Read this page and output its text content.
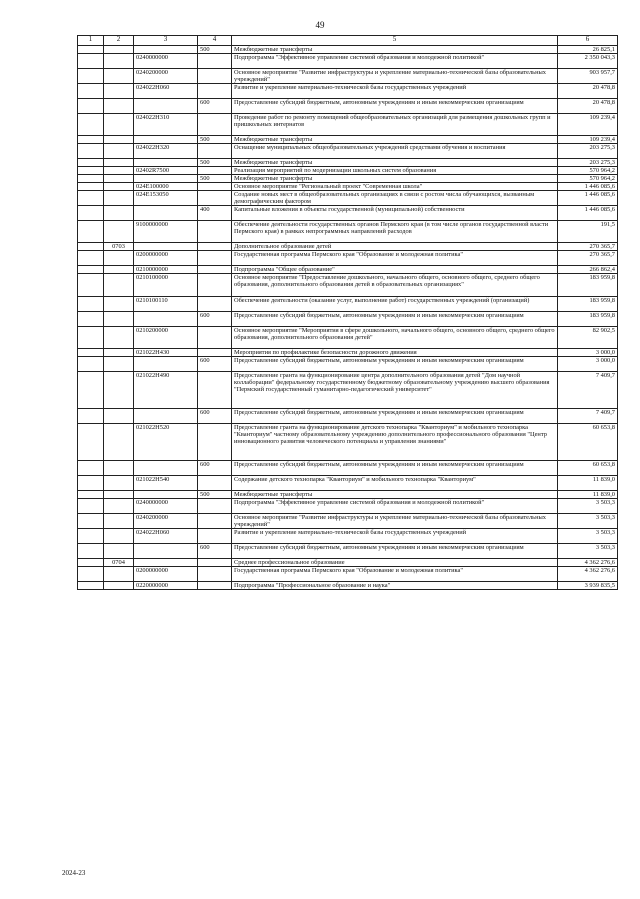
49
1	2	3	4	5	6
			500	Межбюджетные трансферты	26 825,1
		0240000000		Подпрограмма "Эффективное управление системой образования и молодежной политикой"	2 350 043,3
		0240200000		Основное мероприятие "Развитие инфраструктуры и укрепление материально-технической базы образовательных учреждений"	903 957,7
		024022Н060		Развитие и укрепление материально-технической базы государственных учреждений	20 478,8
			600	Предоставление субсидий бюджетным, автономным учреждениям и иным некоммерческим организациям	20 478,8
		024022Н310		Проведение работ по ремонту помещений общеобразовательных организаций для размещения дошкольных групп и пришкольных интернатов	109 239,4
			500	Межбюджетные трансферты	109 239,4
		024022Н320		Оснащение муниципальных общеобразовательных учреждений средствами обучения и воспитания	203 275,3
			500	Межбюджетные трансферты	203 275,3
		02402R7500		Реализация мероприятий по модернизации школьных систем образования	570 964,2
			500	Межбюджетные трансферты	570 964,2
		024Е100000		Основное мероприятие "Региональный проект "Современная школа"	1 446 085,6
		024Е153050		Создание новых мест в общеобразовательных организациях в связи с ростом числа обучающихся, вызванным демографическим фактором	1 446 085,6
			400	Капитальные вложения в объекты государственной (муниципальной) собственности	1 446 085,6
		9100000000		Обеспечение деятельности государственных органов Пермского края (в том числе органов государственной власти Пермского края) в рамках непрограммных направлений расходов	191,5
	0703			Дополнительное образование детей	270 365,7
		0200000000		Государственная программа Пермского края "Образование и молодежная политика"	270 365,7
		0210000000		Подпрограмма "Общее образование"	266 862,4
		0210100000		Основное мероприятие "Предоставление дошкольного, начального общего, основного общего, среднего общего образования, дополнительного образования детей в образовательных организациях"	183 959,8
		0210100110		Обеспечение деятельности (оказание услуг, выполнение работ) государственных учреждений (организаций)	183 959,8
			600	Предоставление субсидий бюджетным, автономным учреждениям и иным некоммерческим организациям	183 959,8
		0210200000		Основное мероприятие "Мероприятия в сфере дошкольного, начального общего, основного общего, среднего общего образования, дополнительного образования детей"	82 902,5
		021022Н430		Мероприятия по профилактике безопасности дорожного движения	3 000,0
			600	Предоставление субсидий бюджетным, автономным учреждениям и иным некоммерческим организациям	3 000,0
		021022Н490		Предоставление гранта на функционирование центра дополнительного образования детей "Дом научной коллаборации" федеральному государственному бюджетному образовательному учреждению высшего образования "Пермский государственный гуманитарно-педагогический университет"	7 409,7
			600	Предоставление субсидий бюджетным, автономным учреждениям и иным некоммерческим организациям	7 409,7
		021022Н520		Предоставление гранта на функционирование детского технопарка "Кванториум" и мобильного технопарка "Кванториум" частному образовательному учреждению дополнительного профессионального образования "Центр инновационного развития человеческого потенциала и управления знаниями"	60 653,8
			600	Предоставление субсидий бюджетным, автономным учреждениям и иным некоммерческим организациям	60 653,8
		021022Н540		Содержание детского технопарка "Кванториум" и мобильного технопарка "Кванториум"	11 839,0
			500	Межбюджетные трансферты	11 839,0
		0240000000		Подпрограмма "Эффективное управление системой образования и молодежной политикой"	3 503,3
		0240200000		Основное мероприятие "Развитие инфраструктуры и укрепление материально-технической базы образовательных учреждений"	3 503,3
		024022Н060		Развитие и укрепление материально-технической базы государственных учреждений	3 503,3
			600	Предоставление субсидий бюджетным, автономным учреждениям и иным некоммерческим организациям	3 503,3
	0704			Среднее профессиональное образование	4 362 276,6
		0200000000		Государственная программа Пермского края "Образование и молодежная политика"	4 362 276,6
		0220000000		Подпрограмма "Профессиональное образование и наука"	3 939 835,5
2024-23
